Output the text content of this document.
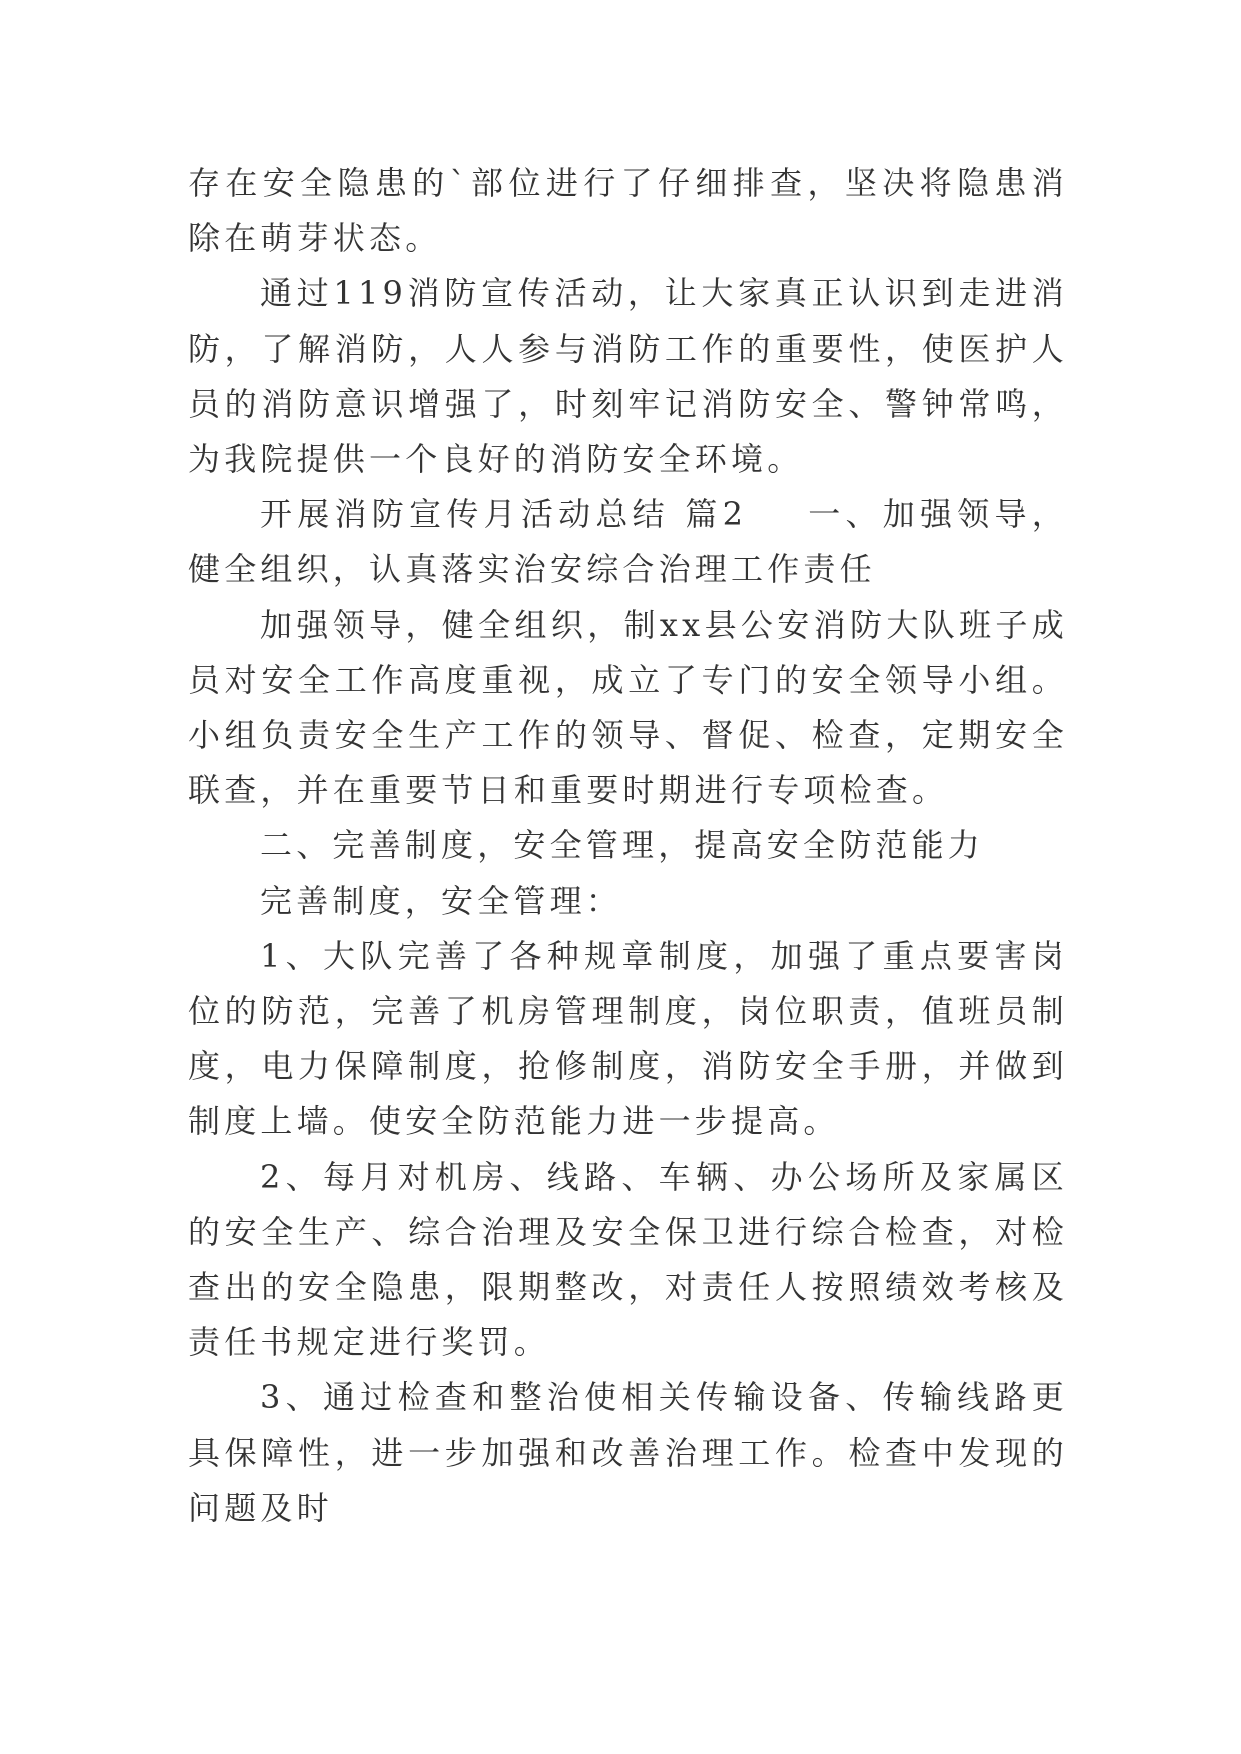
存在安全隐患的`部位进行了仔细排查，坚决将隐患消除在萌芽状态。

通过119消防宣传活动，让大家真正认识到走进消防，了解消防，人人参与消防工作的重要性，使医护人员的消防意识增强了，时刻牢记消防安全、警钟常鸣，为我院提供一个良好的消防安全环境。

开展消防宣传月活动总结 篇2 一、加强领导，健全组织，认真落实治安综合治理工作责任

加强领导，健全组织，制xx县公安消防大队班子成员对安全工作高度重视，成立了专门的安全领导小组。小组负责安全生产工作的领导、督促、检查，定期安全联查，并在重要节日和重要时期进行专项检查。

二、完善制度，安全管理，提高安全防范能力

完善制度，安全管理：

1、大队完善了各种规章制度，加强了重点要害岗位的防范，完善了机房管理制度，岗位职责，值班员制度，电力保障制度，抢修制度，消防安全手册，并做到制度上墙。使安全防范能力进一步提高。

2、每月对机房、线路、车辆、办公场所及家属区的安全生产、综合治理及安全保卫进行综合检查，对检查出的安全隐患，限期整改，对责任人按照绩效考核及责任书规定进行奖罚。

3、通过检查和整治使相关传输设备、传输线路更具保障性，进一步加强和改善治理工作。检查中发现的问题及时
